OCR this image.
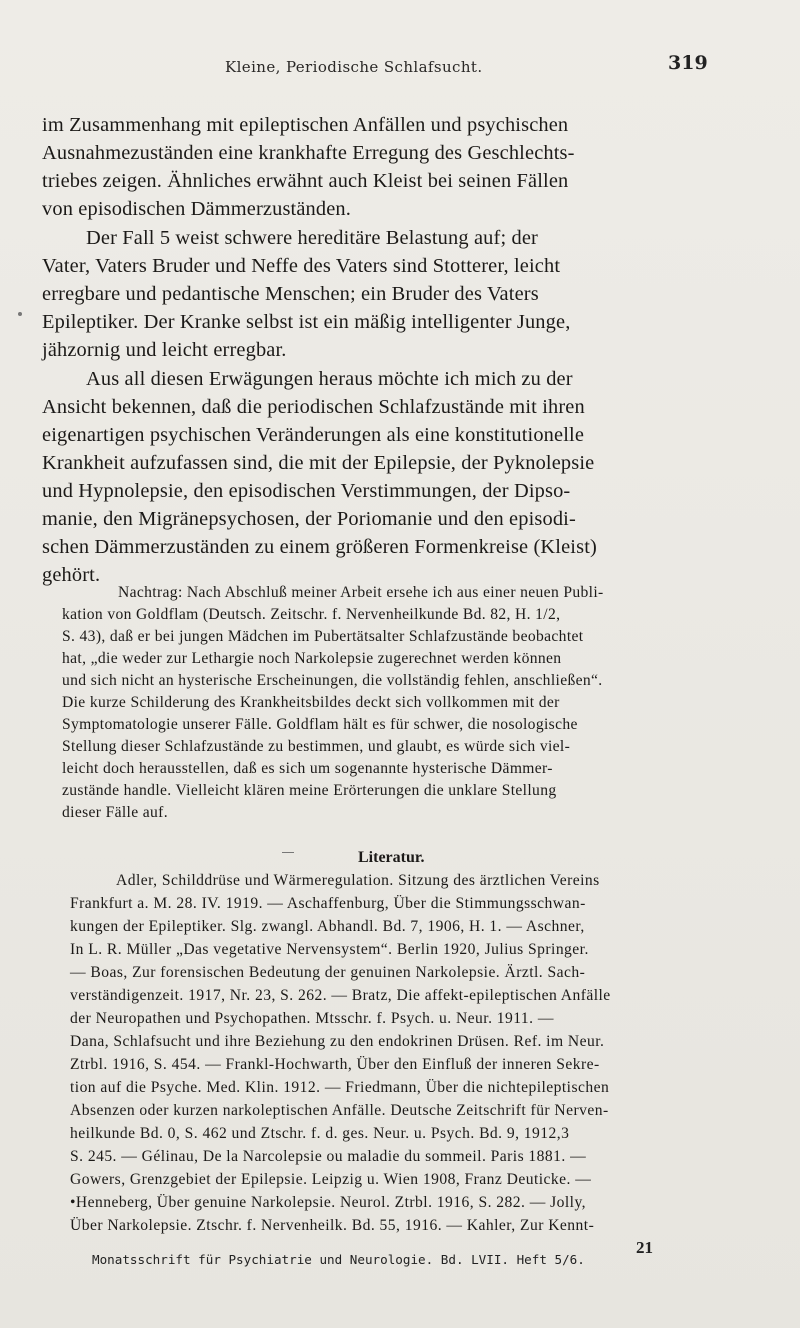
Kleine, Periodische Schlafsucht.	319
im Zusammenhang mit epileptischen Anfällen und psychischen
Ausnahmezuständen eine krankhafte Erregung des Geschlechts-
triebes zeigen. Ähnliches erwähnt auch Kleist bei seinen Fällen
von episodischen Dämmerzuständen.
Der Fall 5 weist schwere hereditäre Belastung auf; der
Vater, Vaters Bruder und Neffe des Vaters sind Stotterer, leicht
erregbare und pedantische Menschen; ein Bruder des Vaters
Epileptiker. Der Kranke selbst ist ein mäßig intelligenter Junge,
jähzornig und leicht erregbar.
Aus all diesen Erwägungen heraus möchte ich mich zu der
Ansicht bekennen, daß die periodischen Schlafzustände mit ihren
eigenartigen psychischen Veränderungen als eine konstitutionelle
Krankheit aufzufassen sind, die mit der Epilepsie, der Pyknolepsie
und Hypnolepsie, den episodischen Verstimmungen, der Dipso-
manie, den Migränepsychosen, der Poriomanie und den episodi-
schen Dämmerzuständen zu einem größeren Formenkreise (Kleist)
gehört.
Nachtrag: Nach Abschluß meiner Arbeit ersehe ich aus einer neuen Publi-
kation von Goldflam (Deutsch. Zeitschr. f. Nervenheilkunde Bd. 82, H. 1/2,
S. 43), daß er bei jungen Mädchen im Pubertätsalter Schlafzustände beobachtet
hat, „die weder zur Lethargie noch Narkolepsie zugerechnet werden können
und sich nicht an hysterische Erscheinungen, die vollständig fehlen, anschließen“.
Die kurze Schilderung des Krankheitsbildes deckt sich vollkommen mit der
Symptomatologie unserer Fälle. Goldflam hält es für schwer, die nosologische
Stellung dieser Schlafzustände zu bestimmen, und glaubt, es würde sich viel-
leicht doch herausstellen, daß es sich um sogenannte hysterische Dämmer-
zustände handle. Vielleicht klären meine Erörterungen die unklare Stellung
dieser Fälle auf.
Literatur.
Adler, Schilddrüse und Wärmeregulation. Sitzung des ärztlichen Vereins
Frankfurt a. M. 28. IV. 1919. — Aschaffenburg, Über die Stimmungsschwan-
kungen der Epileptiker. Slg. zwangl. Abhandl. Bd. 7, 1906, H. 1. — Aschner,
In L. R. Müller „Das vegetative Nervensystem“. Berlin 1920, Julius Springer.
— Boas, Zur forensischen Bedeutung der genuinen Narkolepsie. Ärztl. Sach-
verständigenzeit. 1917, Nr. 23, S. 262. — Bratz, Die affekt-epileptischen Anfälle
der Neuropathen und Psychopathen. Mtsschr. f. Psych. u. Neur. 1911. —
Dana, Schlafsucht und ihre Beziehung zu den endokrinen Drüsen. Ref. im Neur.
Ztrbl. 1916, S. 454. — Frankl-Hochwarth, Über den Einfluß der inneren Sekre-
tion auf die Psyche. Med. Klin. 1912. — Friedmann, Über die nichtepileptischen
Absenzen oder kurzen narkoleptischen Anfälle. Deutsche Zeitschrift für Nerven-
heilkunde Bd. 0, S. 462 und Ztschr. f. d. ges. Neur. u. Psych. Bd. 9, 1912,3
S. 245. — Gélinau, De la Narcolepsie ou maladie du sommeil. Paris 1881. —
Gowers, Grenzgebiet der Epilepsie. Leipzig u. Wien 1908, Franz Deuticke. —
•Henneberg, Über genuine Narkolepsie. Neurol. Ztrbl. 1916, S. 282. — Jolly,
Über Narkolepsie. Ztschr. f. Nervenheilk. Bd. 55, 1916. — Kahler, Zur Kennt-
Monatsschrift für Psychiatrie und Neurologie. Bd. LVII. Heft 5/6.
21
